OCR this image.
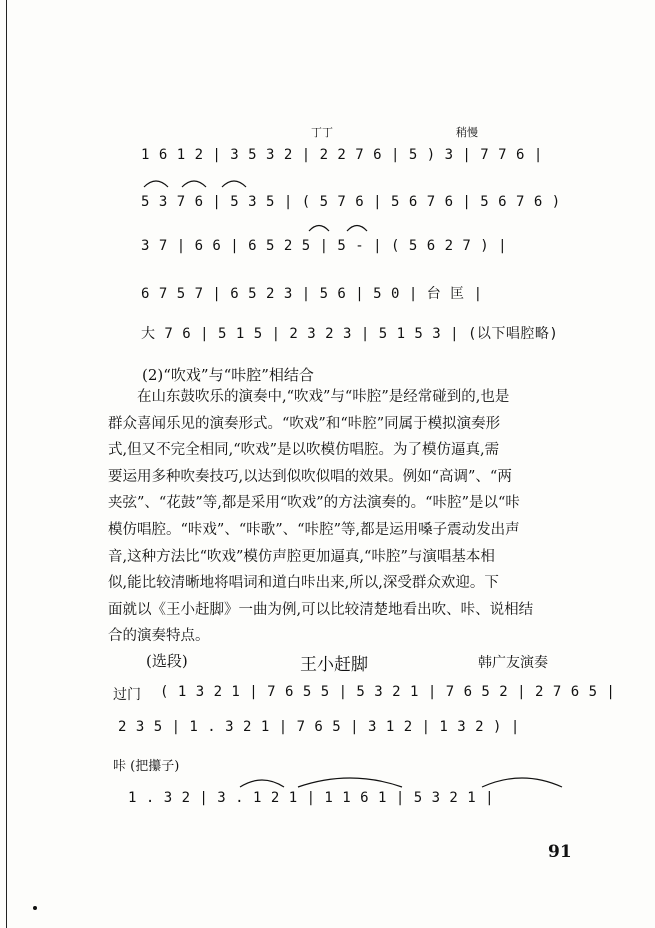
丁丁	稍慢
1 6 1 2 | 3 5 3 2 | 2 2 7 6 | 5 ) 3 | 7 7 6 |
5 3 7 6 | 5 3 5 | ( 5 7 6 | 5 6 7 6 | 5 6 7 6 )
3 7 | 6 6 | 6 5 2 5 | 5 - | ( 5 6 2 7 ) |
6 7 5 7 | 6 5 2 3 | 5 6 | 5 0 | 台 匡 |
大 7 6 | 5 1 5 | 2 3 2 3 | 5 1 5 3 | (以下唱腔略)
(2)“吹戏”与“咔腔”相结合
在山东鼓吹乐的演奏中,“吹戏”与“咔腔”是经常碰到的,也是
群众喜闻乐见的演奏形式。“吹戏”和“咔腔”同属于模拟演奏形
式,但又不完全相同,“吹戏”是以吹模仿唱腔。为了模仿逼真,需
要运用多种吹奏技巧,以达到似吹似唱的效果。例如“高调”、“两
夹弦”、“花鼓”等,都是采用“吹戏”的方法演奏的。“咔腔”是以“咔
模仿唱腔。“咔戏”、“咔歌”、“咔腔”等,都是运用嗓子震动发出声
音,这种方法比“吹戏”模仿声腔更加逼真,“咔腔”与演唱基本相
似,能比较清晰地将唱词和道白咔出来,所以,深受群众欢迎。下
面就以《王小赶脚》一曲为例,可以比较清楚地看出吹、咔、说相结
合的演奏特点。
(选段)	王小赶脚	韩广友演奏
过门 ( 1 3 2 1 | 7 6 5 5 | 5 3 2 1 | 7 6 5 2 | 2 7 6 5 |
2 3 5 | 1 . 3 2 1 | 7 6 5 | 3 1 2 | 1 3 2 ) |
咔 (把攥子)
1 . 3 2 | 3 . 1 2 1 | 1 1 6 1 | 5 3 2 1 |
91
